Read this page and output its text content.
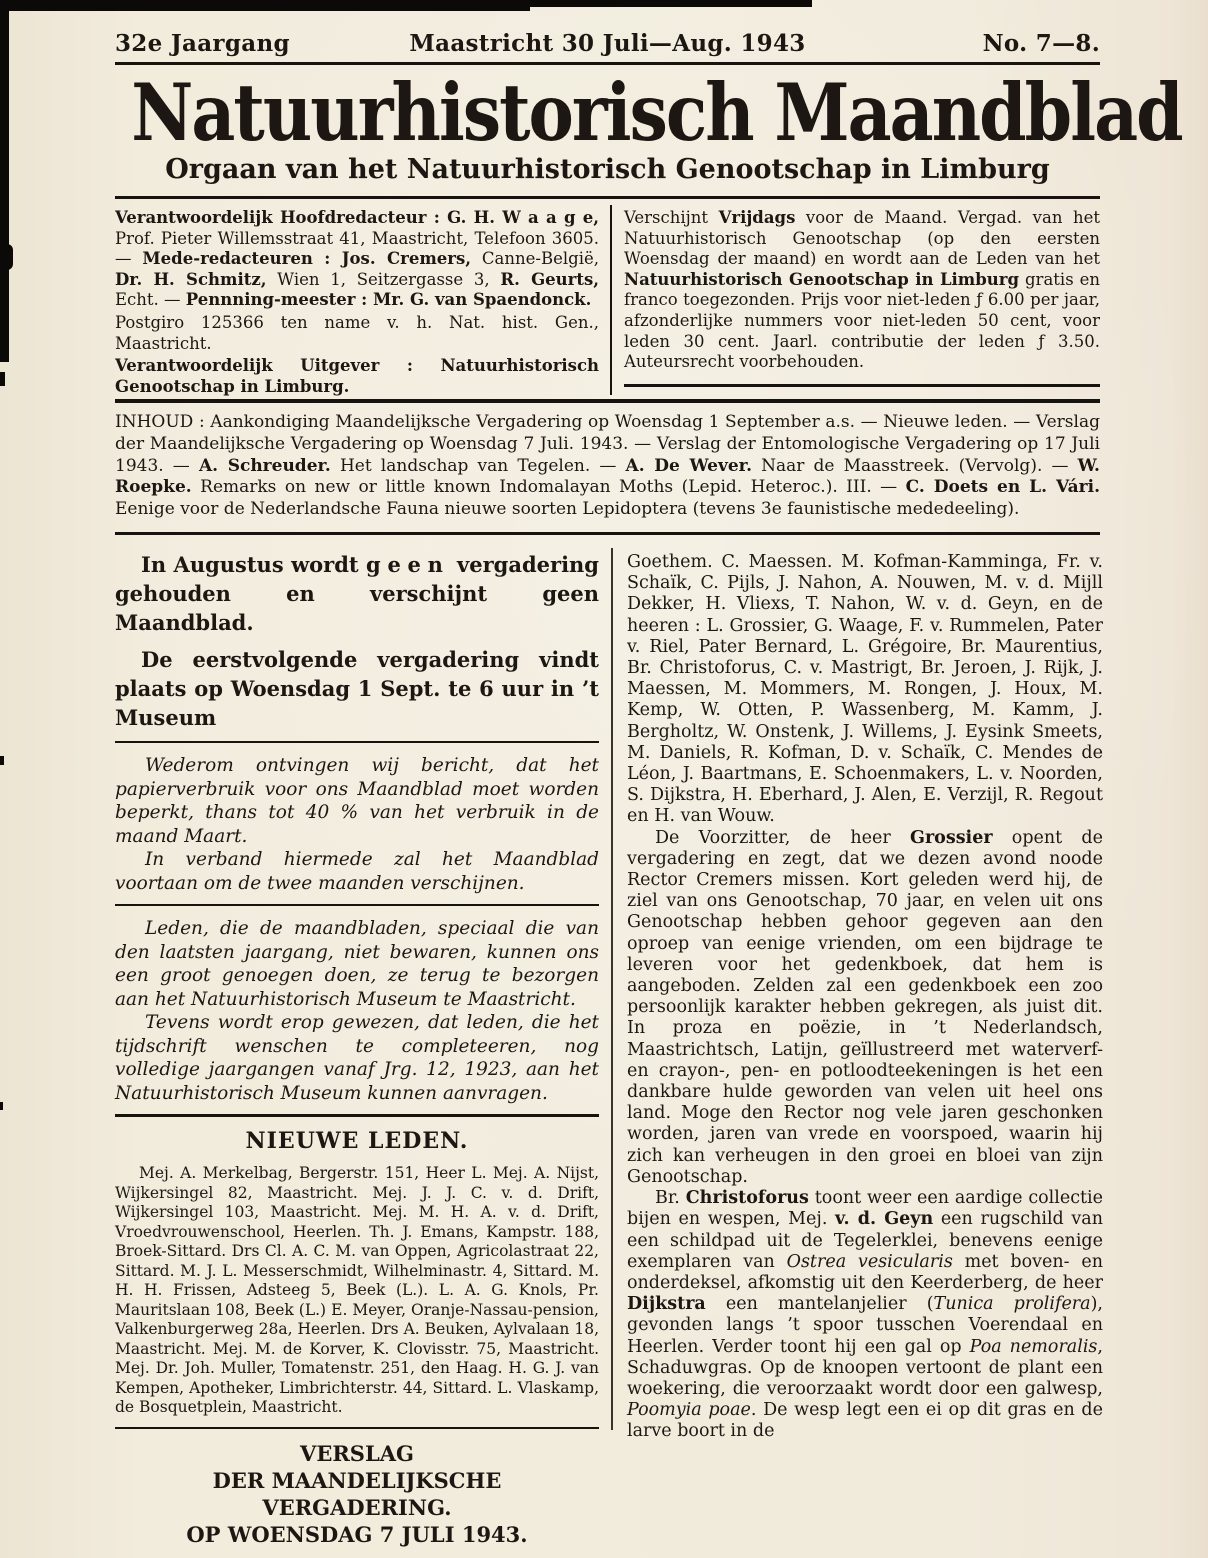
32e Jaargang	Maastricht 30 Juli—Aug. 1943	No. 7—8.
Natuurhistorisch Maandblad
Orgaan van het Natuurhistorisch Genootschap in Limburg

Verantwoordelijk Hoofdredacteur : G. H. W a a g e, Prof. Pieter Willemsstraat 41, Maastricht, Telefoon 3605. — Mede-redacteuren : Jos. Cremers, Canne-België, Dr. H. Schmitz, Wien 1, Seitzergasse 3, R. Geurts, Echt. — Pennning-meester : Mr. G. van Spaendonck.

Postgiro 125366 ten name v. h. Nat. hist. Gen., Maastricht.

Verantwoordelijk Uitgever : Natuurhistorisch Genootschap in Limburg.

Verschijnt Vrijdags voor de Maand. Vergad. van het Natuurhistorisch Genootschap (op den eersten Woensdag der maand) en wordt aan de Leden van het Natuurhistorisch Genootschap in Limburg gratis en franco toegezonden. Prijs voor niet-leden ƒ 6.00 per jaar, afzonderlijke nummers voor niet-leden 50 cent, voor leden 30 cent. Jaarl. contributie der leden ƒ 3.50. Auteursrecht voorbehouden.

INHOUD : Aankondiging Maandelijksche Vergadering op Woensdag 1 September a.s. — Nieuwe leden. — Verslag der Maandelijksche Vergadering op Woensdag 7 Juli. 1943. — Verslag der Entomologische Vergadering op 17 Juli 1943. — A. Schreuder. Het landschap van Tegelen. — A. De Wever. Naar de Maasstreek. (Vervolg). — W. Roepke. Remarks on new or little known Indomalayan Moths (Lepid. Heteroc.). III. — C. Doets en L. Vári. Eenige voor de Nederlandsche Fauna nieuwe soorten Lepidoptera (tevens 3e faunistische mededeeling).

In Augustus wordt geen vergadering gehouden en verschijnt geen Maandblad.

De eerstvolgende vergadering vindt plaats op Woensdag 1 Sept. te 6 uur in ’t Museum

Wederom ontvingen wij bericht, dat het papierverbruik voor ons Maandblad moet worden beperkt, thans tot 40 % van het verbruik in de maand Maart.

In verband hiermede zal het Maandblad voortaan om de twee maanden verschijnen.

Leden, die de maandbladen, speciaal die van den laatsten jaargang, niet bewaren, kunnen ons een groot genoegen doen, ze terug te bezorgen aan het Natuurhistorisch Museum te Maastricht.

Tevens wordt erop gewezen, dat leden, die het tijdschrift wenschen te completeeren, nog volledige jaargangen vanaf Jrg. 12, 1923, aan het Natuurhistorisch Museum kunnen aanvragen.

NIEUWE LEDEN.

Mej. A. Merkelbag, Bergerstr. 151, Heer L. Mej. A. Nijst, Wijkersingel 82, Maastricht. Mej. J. J. C. v. d. Drift, Wijkersingel 103, Maastricht. Mej. M. H. A. v. d. Drift, Vroedvrouwenschool, Heerlen. Th. J. Emans, Kampstr. 188, Broek-Sittard. Drs Cl. A. C. M. van Oppen, Agricolastraat 22, Sittard. M. J. L. Messerschmidt, Wilhelminastr. 4, Sittard. M. H. H. Frissen, Adsteeg 5, Beek (L.). L. A. G. Knols, Pr. Mauritslaan 108, Beek (L.) E. Meyer, Oranje-Nassau-pension, Valkenburgerweg 28a, Heerlen. Drs A. Beuken, Aylvalaan 18, Maastricht. Mej. M. de Korver, K. Clovisstr. 75, Maastricht. Mej. Dr. Joh. Muller, Tomatenstr. 251, den Haag. H. G. J. van Kempen, Apotheker, Limbrichterstr. 44, Sittard. L. Vlaskamp, de Bosquetplein, Maastricht.

VERSLAG
DER MAANDELIJKSCHE VERGADERING.
OP WOENSDAG 7 JULI 1943.

Goethem. C. Maessen. M. Kofman-Kamminga, Fr. v. Schaïk, C. Pijls, J. Nahon, A. Nouwen, M. v. d. Mijll Dekker, H. Vliexs, T. Nahon, W. v. d. Geyn, en de heeren : L. Grossier, G. Waage, F. v. Rummelen, Pater v. Riel, Pater Bernard, L. Grégoire, Br. Maurentius, Br. Christoforus, C. v. Mastrigt, Br. Jeroen, J. Rijk, J. Maessen, M. Mommers, M. Rongen, J. Houx, M. Kemp, W. Otten, P. Wassenberg, M. Kamm, J. Bergholtz, W. Onstenk, J. Willems, J. Eysink Smeets, M. Daniels, R. Kofman, D. v. Schaïk, C. Mendes de Léon, J. Baartmans, E. Schoenmakers, L. v. Noorden, S. Dijkstra, H. Eberhard, J. Alen, E. Verzijl, R. Regout en H. van Wouw.

De Voorzitter, de heer Grossier opent de vergadering en zegt, dat we dezen avond noode Rector Cremers missen. Kort geleden werd hij, de ziel van ons Genootschap, 70 jaar, en velen uit ons Genootschap hebben gehoor gegeven aan den oproep van eenige vrienden, om een bijdrage te leveren voor het gedenkboek, dat hem is aangeboden. Zelden zal een gedenkboek een zoo persoonlijk karakter hebben gekregen, als juist dit. In proza en poëzie, in ’t Nederlandsch, Maastrichtsch, Latijn, geïllustreerd met waterverf- en crayon-, pen- en potloodteekeningen is het een dankbare hulde geworden van velen uit heel ons land. Moge den Rector nog vele jaren geschonken worden, jaren van vrede en voorspoed, waarin hij zich kan verheugen in den groei en bloei van zijn Genootschap.

Br. Christoforus toont weer een aardige collectie bijen en wespen, Mej. v. d. Geyn een rugschild van een schildpad uit de Tegelerklei, benevens eenige exemplaren van Ostrea vesicularis met boven- en onderdeksel, afkomstig uit den Keerderberg, de heer Dijkstra een mantelanjelier (Tunica prolifera), gevonden langs ’t spoor tusschen Voerendaal en Heerlen. Verder toont hij een gal op Poa nemoralis, Schaduwgras. Op de knoopen vertoont de plant een woekering, die veroorzaakt wordt door een galwesp, Poomyia poae. De wesp legt een ei op dit gras en de larve boort in de
